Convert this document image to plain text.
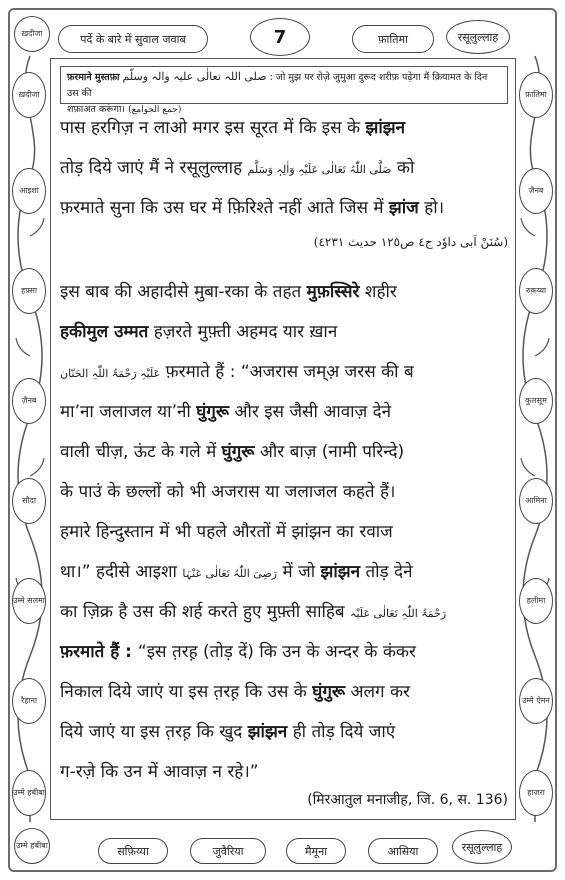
ख़दीजा
आइशा
हफ़्सा
ज़ैनब
सौदा
उम्मे सलमा
रैहाना
उम्मे हबीबा
फ़ातिमा
ज़ैनब
रुक़य्या
कुलसूम
आमिना
हलीमा
उम्मे ऐमन
हाजरा
ख़दीजा	पर्दे के बारे में सुवाल जवाब	7	फ़ातिमा	रसूलुल्लाह
फ़रमाने मुस्तफ़ा صلی اللہ تعالٰی علیہ والہ وسلّم : जो मुझ पर रोज़े जुमुआ दुरूद शरीफ़ पढ़ेगा मैं क़ियामत के दिन उस की
शफ़ाअत करूंगा। (جمع الجوامع)
पास हरगिज़ न लाओ मगर इस सूरत में कि इस के झांझन
तोड़ दिये जाएं मैं ने रसूलुल्लाह صَلَّی اللّٰہُ تَعَالٰی عَلَیْہِ وَاٰلِہٖ وَسَلَّم को
फ़रमाते सुना कि उस घर में फ़िरिश्ते नहीं आते जिस में झांज हो।
(سُنَنْ اَبی داوٗد ج٤ ص١٢٥ حدیث ٤٢٣١)
इस बाब की अहादीसे मुबा-रका के तहत मुफ़स्सिरे शहीर
हकीमुल उम्मत हज़रते मुफ़्ती अहमद यार ख़ान
عَلَیْہِ رَحْمَۃُ اللّٰہِ الحَنّان फ़रमाते हैं : “अजरास जम्अ़ जरस की ब
मा’ना जलाजल या’नी घुंगुरू और इस जैसी आवाज़ देने
वाली चीज़, ऊंट के गले में घुंगुरू और बाज़ (नामी परिन्दे)
के पाउं के छल्लों को भी अजरास या जलाजल कहते हैं।
हमारे हिन्दुस्तान में भी पहले औरतों में झांझन का रवाज
था।” हदीसे आइशा رَضِیَ اللّٰہُ تَعَالٰی عَنْہَا में जो झांझन तोड़ देने
का ज़िक्र है उस की शर्ह करते हुए मुफ़्ती साहिब رَحْمَۃُ اللّٰہِ تَعَالٰی عَلَیْہ
फ़रमाते हैं : “इस त़रह़ (तोड़ दें) कि उन के अन्दर के कंकर
निकाल दिये जाएं या इस त़रह़ कि उस के घुंगुरू अलग कर
दिये जाएं या इस त़रह़ कि खुद झांझन ही तोड़ दिये जाएं
ग-रजे़ कि उन में आवाज़ न रहे।”
(मिरआतुल मनाजीह, जि. 6, स. 136)
उम्मे हबीबा	सफ़िय्या	जुवैरिया	मैमूना	आसिया	रसूलुल्लाह
